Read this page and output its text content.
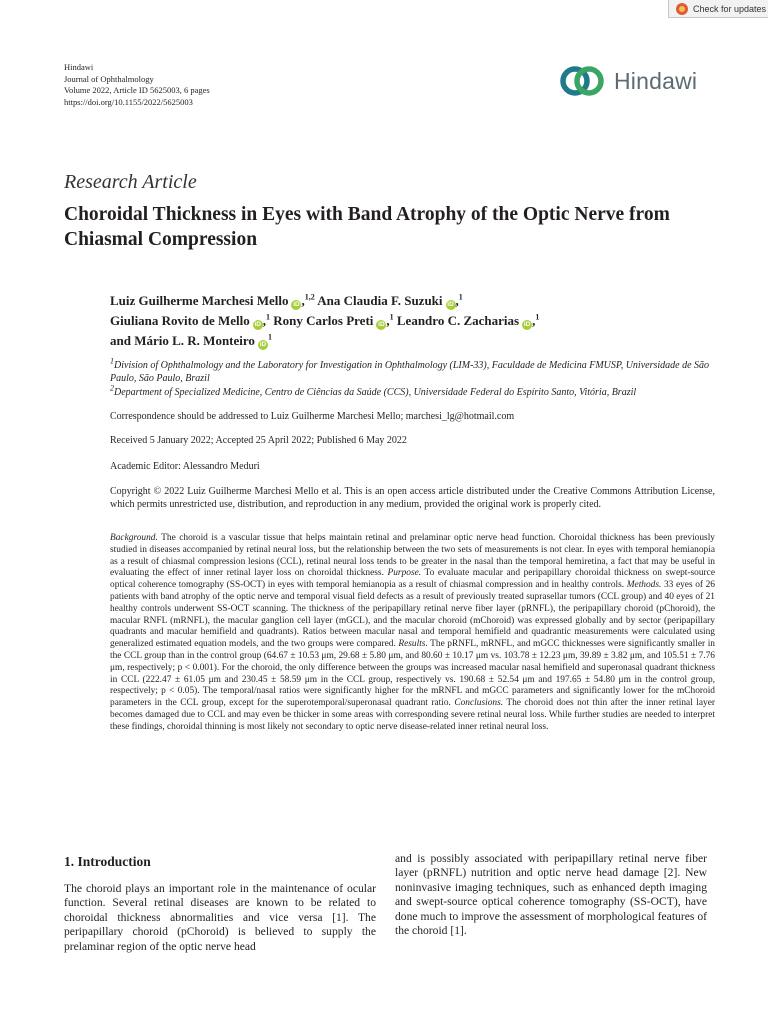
Check for updates
Hindawi
Journal of Ophthalmology
Volume 2022, Article ID 5625003, 6 pages
https://doi.org/10.1155/2022/5625003
Hindawi
Research Article
Choroidal Thickness in Eyes with Band Atrophy of the Optic Nerve from Chiasmal Compression
Luiz Guilherme Marchesi Mello iD ,$^{1,2}$ Ana Claudia F. Suzuki iD ,$^1$
Giuliana Rovito de Mello iD ,$^1$ Rony Carlos Preti iD ,$^1$ Leandro C. Zacharias iD ,$^1$
and Mário L. R. Monteiro $iD^1$
$^1$Division of Ophthalmology and the Laboratory for Investigation in Ophthalmology (LIM-33), Faculdade de Medicina FMUSP, Universidade de São Paulo, São Paulo, Brazil
$^2$Department of Specialized Medicine, Centro de Ciências da Saúde (CCS), Universidade Federal do Espírito Santo, Vitória, Brazil
Correspondence should be addressed to Luiz Guilherme Marchesi Mello; marchesi_lg@hotmail.com
Received 5 January 2022; Accepted 25 April 2022; Published 6 May 2022
Academic Editor: Alessandro Meduri
Copyright © 2022 Luiz Guilherme Marchesi Mello et al. This is an open access article distributed under the Creative Commons Attribution License, which permits unrestricted use, distribution, and reproduction in any medium, provided the original work is properly cited.
Background. The choroid is a vascular tissue that helps maintain retinal and prelaminar optic nerve head function. Choroidal thickness has been previously studied in diseases accompanied by retinal neural loss, but the relationship between the two sets of measurements is not clear. In eyes with temporal hemianopia as a result of chiasmal compression lesions (CCL), retinal neural loss tends to be greater in the nasal than the temporal hemiretina, a fact that may be useful in evaluating the effect of inner retinal layer loss on choroidal thickness. Purpose. To evaluate macular and peripapillary choroidal thickness on swept-source optical coherence tomography (SS-OCT) in eyes with temporal hemianopia as a result of chiasmal compression and in healthy controls. Methods. 33 eyes of 26 patients with band atrophy of the optic nerve and temporal visual field defects as a result of previously treated suprasellar tumors (CCL group) and 40 eyes of 21 healthy controls underwent SS-OCT scanning. The thickness of the peripapillary retinal nerve fiber layer (pRNFL), the peripapillary choroid (pChoroid), the macular RNFL (mRNFL), the macular ganglion cell layer (mGCL), and the macular choroid (mChoroid) was expressed globally and by sector (peripapillary quadrants and macular hemifield and quadrants). Ratios between macular nasal and temporal hemifield and quadrantic measurements were calculated using generalized estimated equation models, and the two groups were compared. Results. The pRNFL, mRNFL, and mGCC thicknesses were significantly smaller in the CCL group than in the control group (64.67 ± 10.53 μm, 29.68 ± 5.80 μm, and 80.60 ± 10.17 μm vs. 103.78 ± 12.23 μm, 39.89 ± 3.82 μm, and 105.51 ± 7.76 μm, respectively; p < 0.001). For the choroid, the only difference between the groups was increased macular nasal hemifield and superonasal quadrant thickness in CCL (222.47 ± 61.05 μm and 230.45 ± 58.59 μm in the CCL group, respectively vs. 190.68 ± 52.54 μm and 197.65 ± 54.80 μm in the control group, respectively; p < 0.05). The temporal/nasal ratios were significantly higher for the mRNFL and mGCC parameters and significantly lower for the mChoroid parameters in the CCL group, except for the superotemporal/superonasal quadrant ratio. Conclusions. The choroid does not thin after the inner retinal layer becomes damaged due to CCL and may even be thicker in some areas with corresponding severe retinal neural loss. While further studies are needed to interpret these findings, choroidal thinning is most likely not secondary to optic nerve disease-related inner retinal neural loss.
1. Introduction
The choroid plays an important role in the maintenance of ocular function. Several retinal diseases are known to be related to choroidal thickness abnormalities and vice versa [1]. The peripapillary choroid (pChoroid) is believed to supply the prelaminar region of the optic nerve head
and is possibly associated with peripapillary retinal nerve fiber layer (pRNFL) nutrition and optic nerve head damage [2]. New noninvasive imaging techniques, such as enhanced depth imaging and swept-source optical coherence tomography (SS-OCT), have done much to improve the assessment of morphological features of the choroid [1].
